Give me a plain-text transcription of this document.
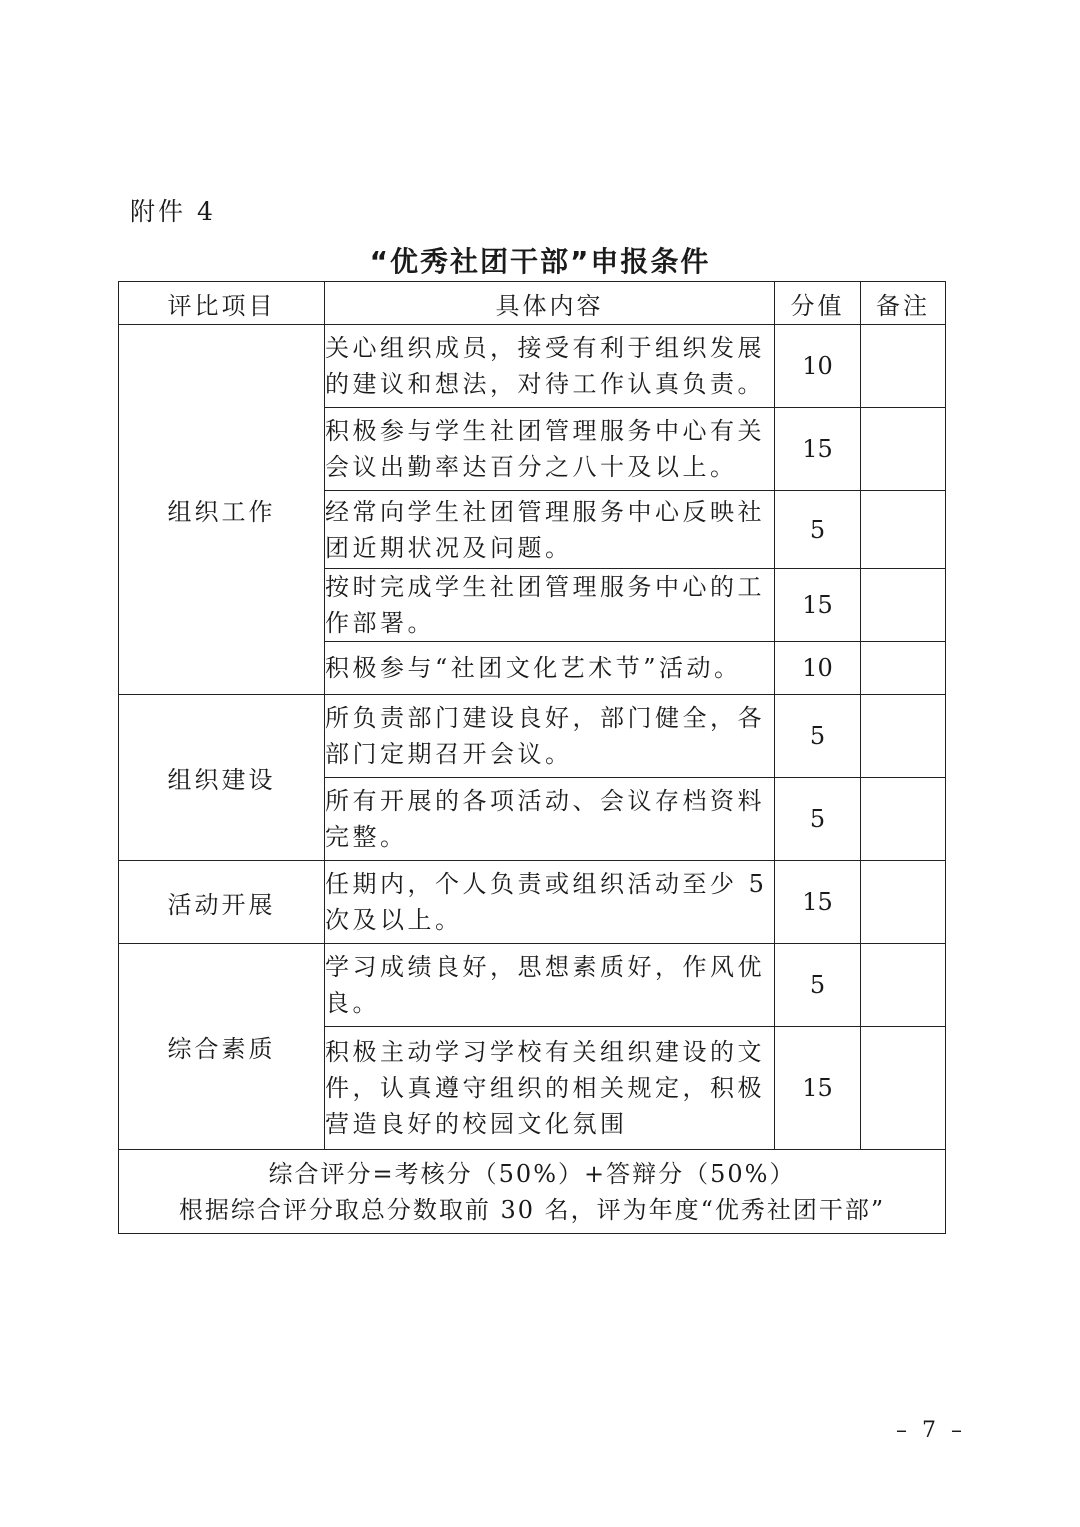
附件 4
“优秀社团干部”申报条件
评比项目	具体内容	分值	备注
组织工作	关心组织成员，接受有利于组织发展的建议和想法，对待工作认真负责。	10	
	积极参与学生社团管理服务中心有关会议出勤率达百分之八十及以上。	15	
	经常向学生社团管理服务中心反映社团近期状况及问题。	5	
	按时完成学生社团管理服务中心的工作部署。	15	
	积极参与“社团文化艺术节”活动。	10	
组织建设	所负责部门建设良好，部门健全，各部门定期召开会议。	5	
	所有开展的各项活动、会议存档资料完整。	5	
活动开展	任期内，个人负责或组织活动至少 5 次及以上。	15	
综合素质	学习成绩良好，思想素质好，作风优良。	5	
	积极主动学习学校有关组织建设的文件，认真遵守组织的相关规定，积极营造良好的校园文化氛围	15	

综合评分=考核分（50%）+答辩分（50%）
根据综合评分取总分数取前 30 名，评为年度“优秀社团干部”			
– 7 –
